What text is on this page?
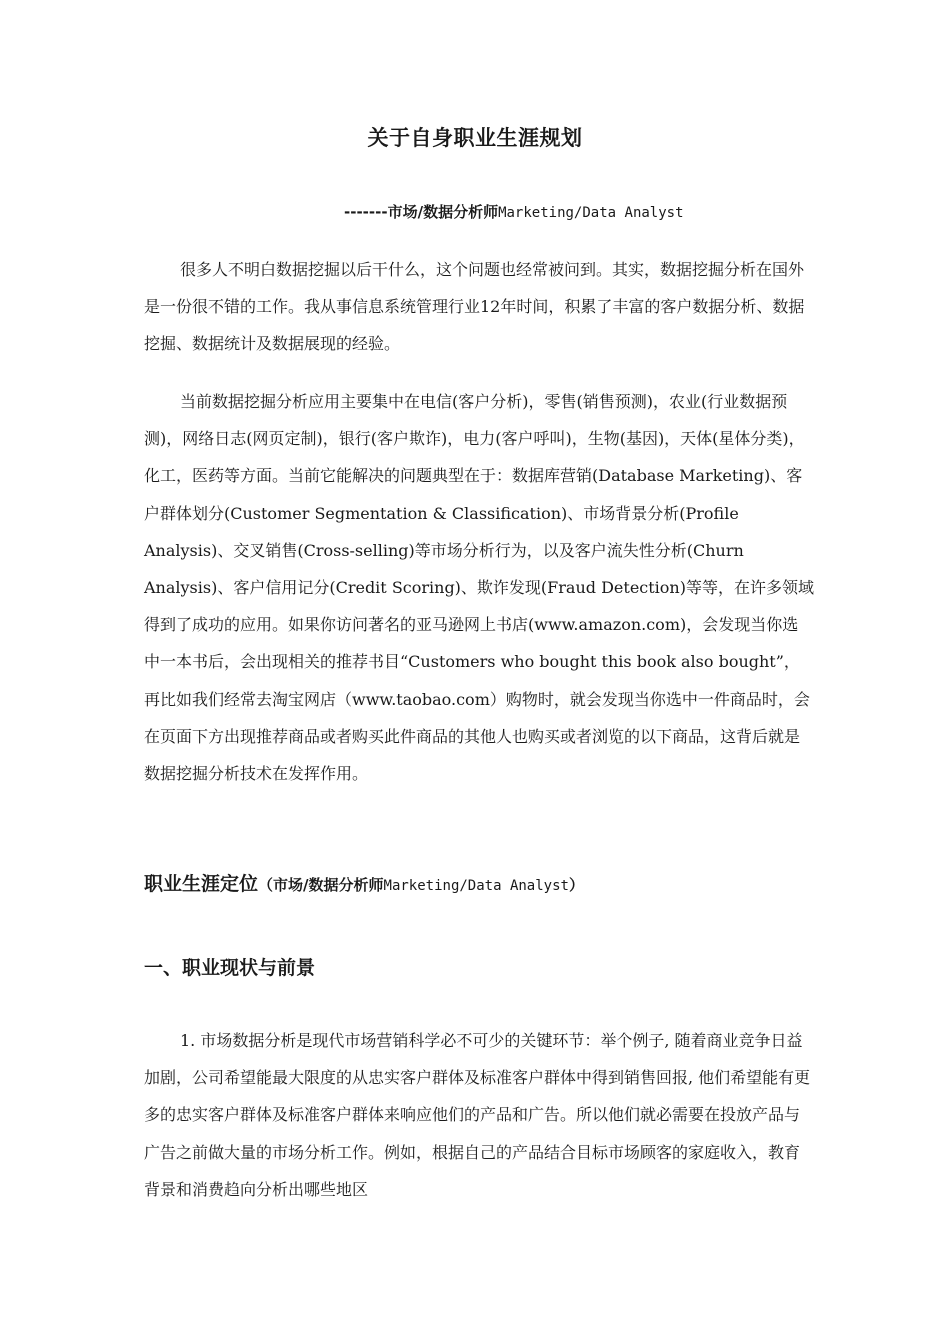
关于自身职业生涯规划
-------市场/数据分析师Marketing/Data Analyst

很多人不明白数据挖掘以后干什么，这个问题也经常被问到。其实，数据挖掘分析在国外是一份很不错的工作。我从事信息系统管理行业12年时间，积累了丰富的客户数据分析、数据挖掘、数据统计及数据展现的经验。

当前数据挖掘分析应用主要集中在电信(客户分析)，零售(销售预测)，农业(行业数据预测)，网络日志(网页定制)，银行(客户欺诈)，电力(客户呼叫)，生物(基因)，天体(星体分类)，化工，医药等方面。当前它能解决的问题典型在于：数据库营销(Database Marketing)、客户群体划分(Customer Segmentation & Classification)、市场背景分析(Profile Analysis)、交叉销售(Cross-selling)等市场分析行为，以及客户流失性分析(Churn Analysis)、客户信用记分(Credit Scoring)、欺诈发现(Fraud Detection)等等，在许多领域得到了成功的应用。如果你访问著名的亚马逊网上书店(www.amazon.com)，会发现当你选中一本书后，会出现相关的推荐书目“Customers who bought this book also bought”，再比如我们经常去淘宝网店（www.taobao.com）购物时，就会发现当你选中一件商品时，会在页面下方出现推荐商品或者购买此件商品的其他人也购买或者浏览的以下商品，这背后就是数据挖掘分析技术在发挥作用。

职业生涯定位（市场/数据分析师Marketing/Data Analyst）
一、职业现状与前景

1. 市场数据分析是现代市场营销科学必不可少的关键环节：举个例子, 随着商业竞争日益加剧，公司希望能最大限度的从忠实客户群体及标准客户群体中得到销售回报, 他们希望能有更多的忠实客户群体及标准客户群体来响应他们的产品和广告。所以他们就必需要在投放产品与广告之前做大量的市场分析工作。例如，根据自己的产品结合目标市场顾客的家庭收入，教育背景和消费趋向分析出哪些地区
